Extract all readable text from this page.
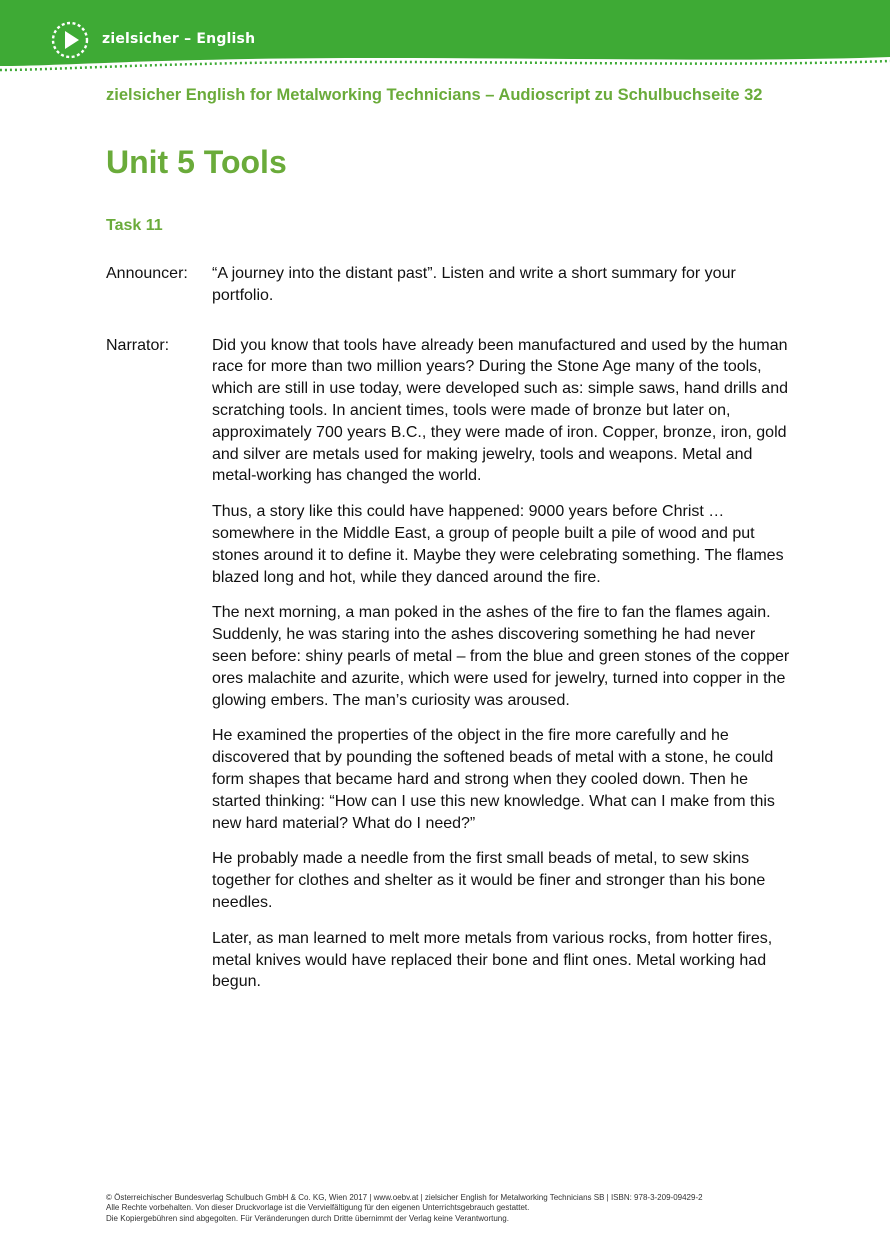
zielsicher – English
zielsicher English for Metalworking Technicians – Audioscript zu Schulbuchseite 32
Unit 5 Tools
Task 11
Announcer:	“A journey into the distant past”. Listen and write a short summary for your portfolio.

Narrator:	Did you know that tools have already been manufactured and used by the human race for more than two million years? During the Stone Age many of the tools, which are still in use today, were developed such as: simple saws, hand drills and scratching tools. In ancient times, tools were made of bronze but later on, approximately 700 years B.C., they were made of iron. Copper, bronze, iron, gold and silver are metals used for making jewelry, tools and weapons. Metal and metal-working has changed the world.

Thus, a story like this could have happened: 9000 years before Christ … somewhere in the Middle East, a group of people built a pile of wood and put stones around it to define it. Maybe they were celebrating something. The flames blazed long and hot, while they danced around the fire.

The next morning, a man poked in the ashes of the fire to fan the flames again. Suddenly, he was staring into the ashes discovering something he had never seen before: shiny pearls of metal – from the blue and green stones of the copper ores malachite and azurite, which were used for jewelry, turned into copper in the glowing embers. The man’s curiosity was aroused.

He examined the properties of the object in the fire more carefully and he discovered that by pounding the softened beads of metal with a stone, he could form shapes that became hard and strong when they cooled down. Then he started thinking: “How can I use this new knowledge. What can I make from this new hard material? What do I need?”

He probably made a needle from the first small beads of metal, to sew skins together for clothes and shelter as it would be finer and stronger than his bone needles.

Later, as man learned to melt more metals from various rocks, from hotter fires, metal knives would have replaced their bone and flint ones. Metal working had begun.

© Österreichischer Bundesverlag Schulbuch GmbH & Co. KG, Wien 2017 | www.oebv.at | zielsicher English for Metalworking Technicians SB | ISBN: 978-3-209-09429-2
Alle Rechte vorbehalten. Von dieser Druckvorlage ist die Vervielfältigung für den eigenen Unterrichtsgebrauch gestattet.
Die Kopiergebühren sind abgegolten. Für Veränderungen durch Dritte übernimmt der Verlag keine Verantwortung.
